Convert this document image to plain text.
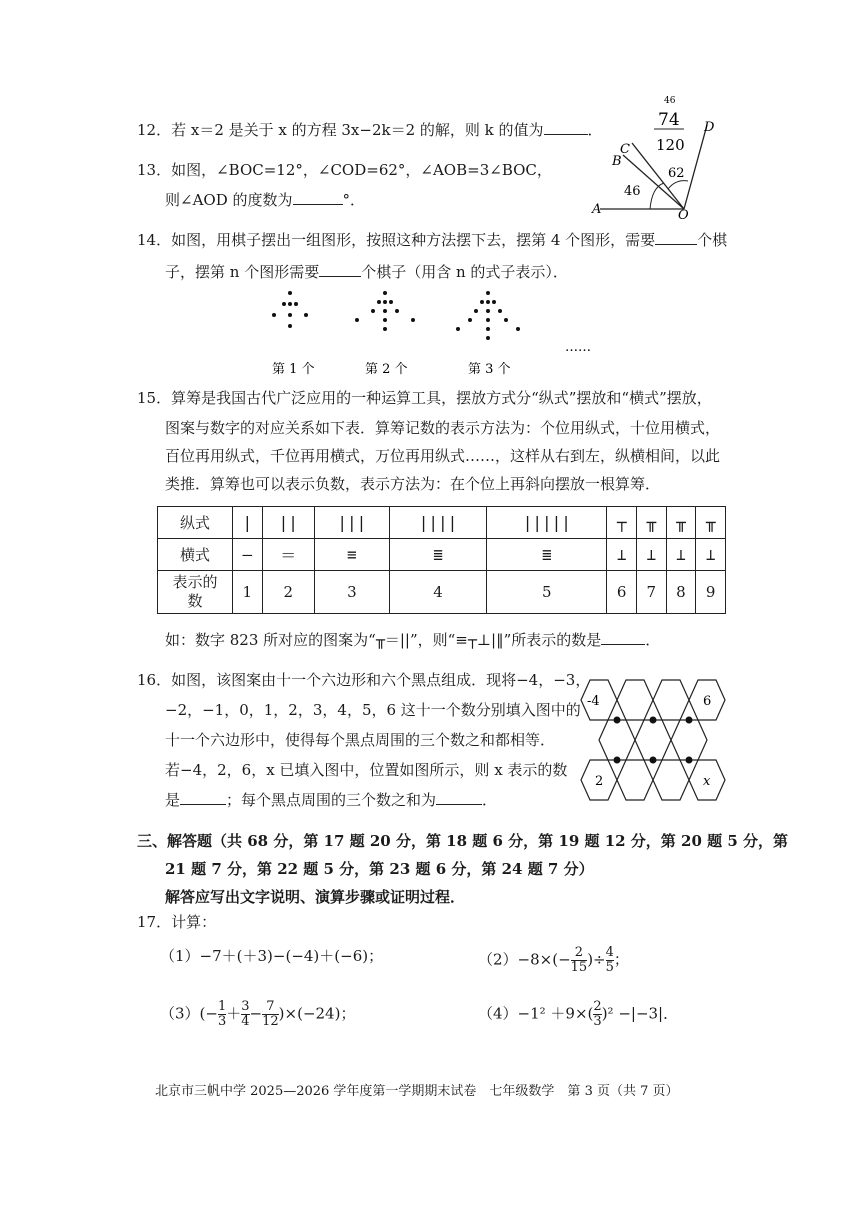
12．若 x＝2 是关于 x 的方程 3x−2k＝2 的解，则 k 的值为	．
13．如图，∠BOC=12°，∠COD=62°，∠AOB=3∠BOC，
则∠AOD 的度数为	°．
A
B
C
D
O
46
74
120
62
46
14．如图，用棋子摆出一组图形，按照这种方法摆下去，摆第 4 个图形，需要	个棋
子，摆第 n 个图形需要	个棋子（用含 n 的式子表示）．
第 1 个	第 2 个	第 3 个
……
15．算筹是我国古代广泛应用的一种运算工具，摆放方式分“纵式”摆放和“横式”摆放，
图案与数字的对应关系如下表．算筹记数的表示方法为：个位用纵式，十位用横式，
百位再用纵式，千位再用横式，万位再用纵式……，这样从右到左，纵横相间，以此
类推．算筹也可以表示负数，表示方法为：在个位上再斜向摆放一根算筹．
纵式	|	||	|||	||||	|||||	┬	╥	╥	╥
横式	—	＝	≡	≣	≣	⊥	⊥	⊥	⊥
表示的数	1	2	3	4	5	6	7	8	9
如：数字 823 所对应的图案为“╥＝||”，则“≡┬⊥|‖”所表示的数是	．
16．如图，该图案由十一个六边形和六个黑点组成．现将−4，−3，
−2，−1，0，1，2，3，4，5，6 这十一个数分别填入图中的
十一个六边形中，使得每个黑点周围的三个数之和都相等．
若−4，2，6，x 已填入图中，位置如图所示，则 x 表示的数
是	；每个黑点周围的三个数之和为	．
-4	6
2	x
三、解答题（共 68 分，第 17 题 20 分，第 18 题 6 分，第 19 题 12 分，第 20 题 5 分，第
21 题 7 分，第 22 题 5 分，第 23 题 6 分，第 24 题 7 分）
解答应写出文字说明、演算步骤或证明过程．
17．计算：
（1）−7＋(＋3)−(−4)＋(−6)；	$(2)-8\times(- \frac{2}{15}$ )÷ $\frac{4}{5}$ ；
$(3)(- \frac{1}{3} + \frac{3}{4} - \frac{7}{12} )\times(-24)$；	$(4)-1^2 +9\times( \frac{2}{3} )^2 -|-3|$．
北京市三帆中学 2025—2026 学年度第一学期期末试卷　七年级数学　第 3 页（共 7 页）
